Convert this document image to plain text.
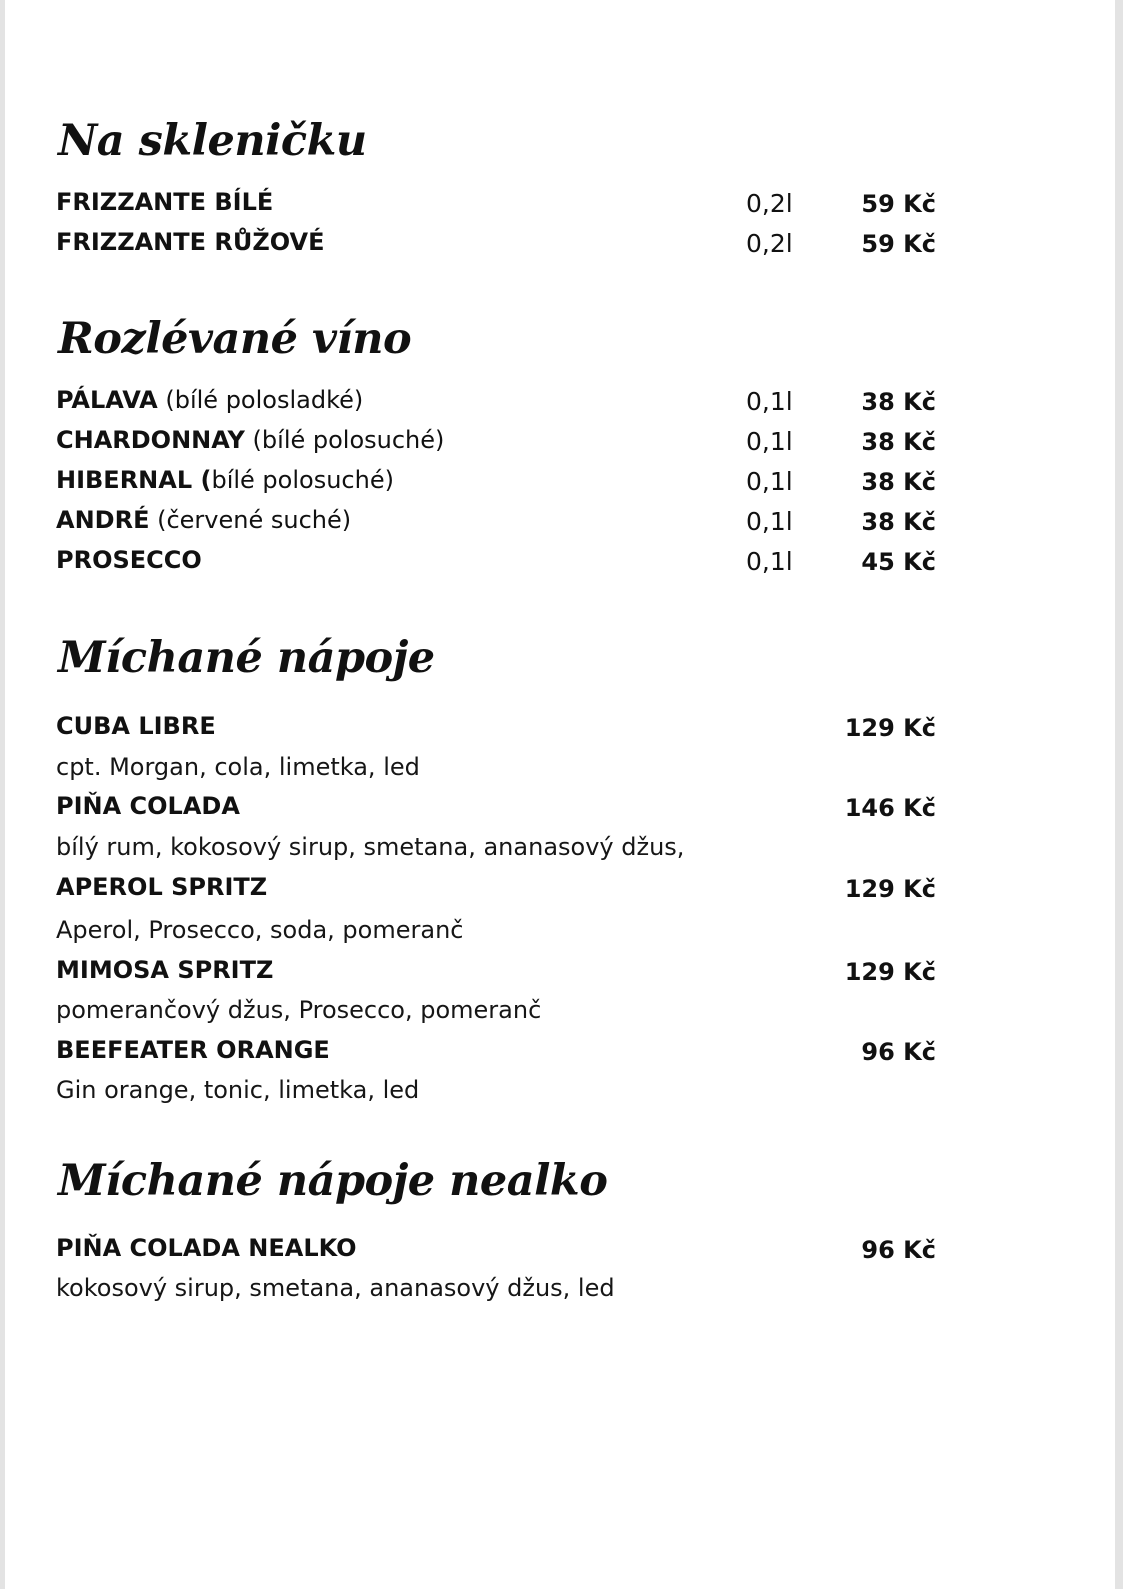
Na skleničku
FRIZZANTE BÍLÉ	0,2l	59 Kč
FRIZZANTE RŮŽOVÉ	0,2l	59 Kč
Rozlévané víno
PÁLAVA (bílé polosladké)	0,1l	38 Kč
CHARDONNAY (bílé polosuché)	0,1l	38 Kč
HIBERNAL (bílé polosuché)	0,1l	38 Kč
ANDRÉ (červené suché)	0,1l	38 Kč
PROSECCO	0,1l	45 Kč
Míchané nápoje
CUBA LIBRE	129 Kč
cpt. Morgan, cola, limetka, led
PIŇA COLADA	146 Kč
bílý rum, kokosový sirup, smetana, ananasový džus,
APEROL SPRITZ	129 Kč
Aperol, Prosecco, soda, pomeranč
MIMOSA SPRITZ	129 Kč
pomerančový džus, Prosecco, pomeranč
BEEFEATER ORANGE	96 Kč
Gin orange, tonic, limetka, led
Míchané nápoje nealko
PIŇA COLADA NEALKO	96 Kč
kokosový sirup, smetana, ananasový džus, led
